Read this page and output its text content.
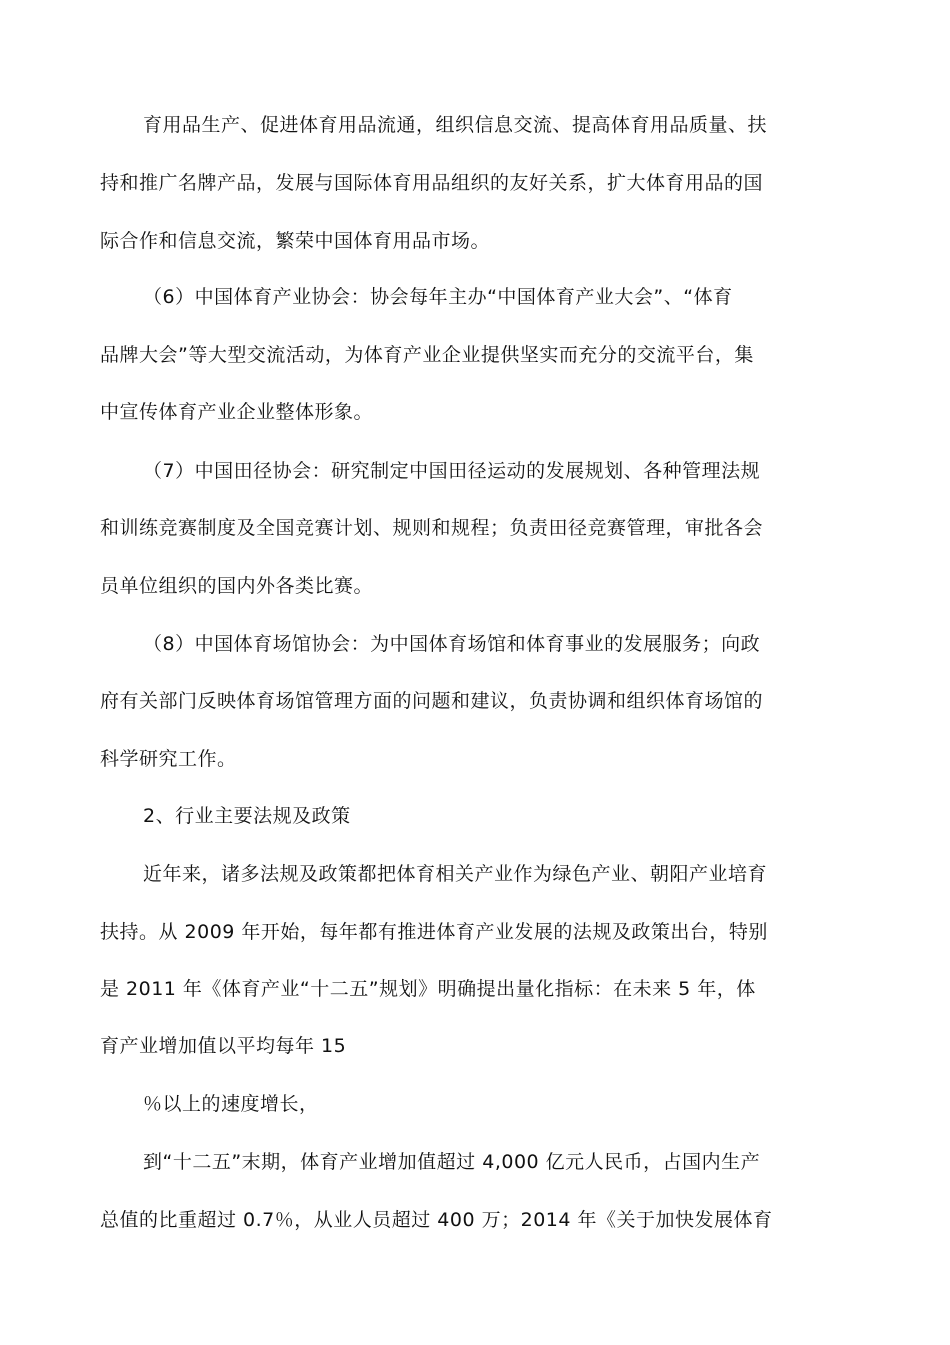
育用品生产、促进体育用品流通，组织信息交流、提高体育用品质量、扶
持和推广名牌产品，发展与国际体育用品组织的友好关系，扩大体育用品的国
际合作和信息交流，繁荣中国体育用品市场。
（6）中国体育产业协会：协会每年主办“中国体育产业大会”、“体育
品牌大会”等大型交流活动，为体育产业企业提供坚实而充分的交流平台，集
中宣传体育产业企业整体形象。
（7）中国田径协会：研究制定中国田径运动的发展规划、各种管理法规
和训练竞赛制度及全国竞赛计划、规则和规程；负责田径竞赛管理，审批各会
员单位组织的国内外各类比赛。
（8）中国体育场馆协会：为中国体育场馆和体育事业的发展服务；向政
府有关部门反映体育场馆管理方面的问题和建议，负责协调和组织体育场馆的
科学研究工作。
2、行业主要法规及政策
近年来，诸多法规及政策都把体育相关产业作为绿色产业、朝阳产业培育
扶持。从 2009 年开始，每年都有推进体育产业发展的法规及政策出台，特别
是 2011 年《体育产业“十二五”规划》明确提出量化指标：在未来 5 年，体
育产业增加值以平均每年 15
％以上的速度增长，
到“十二五”末期，体育产业增加值超过 4,000 亿元人民币，占国内生产
总值的比重超过 0.7％，从业人员超过 400 万；2014 年《关于加快发展体育
